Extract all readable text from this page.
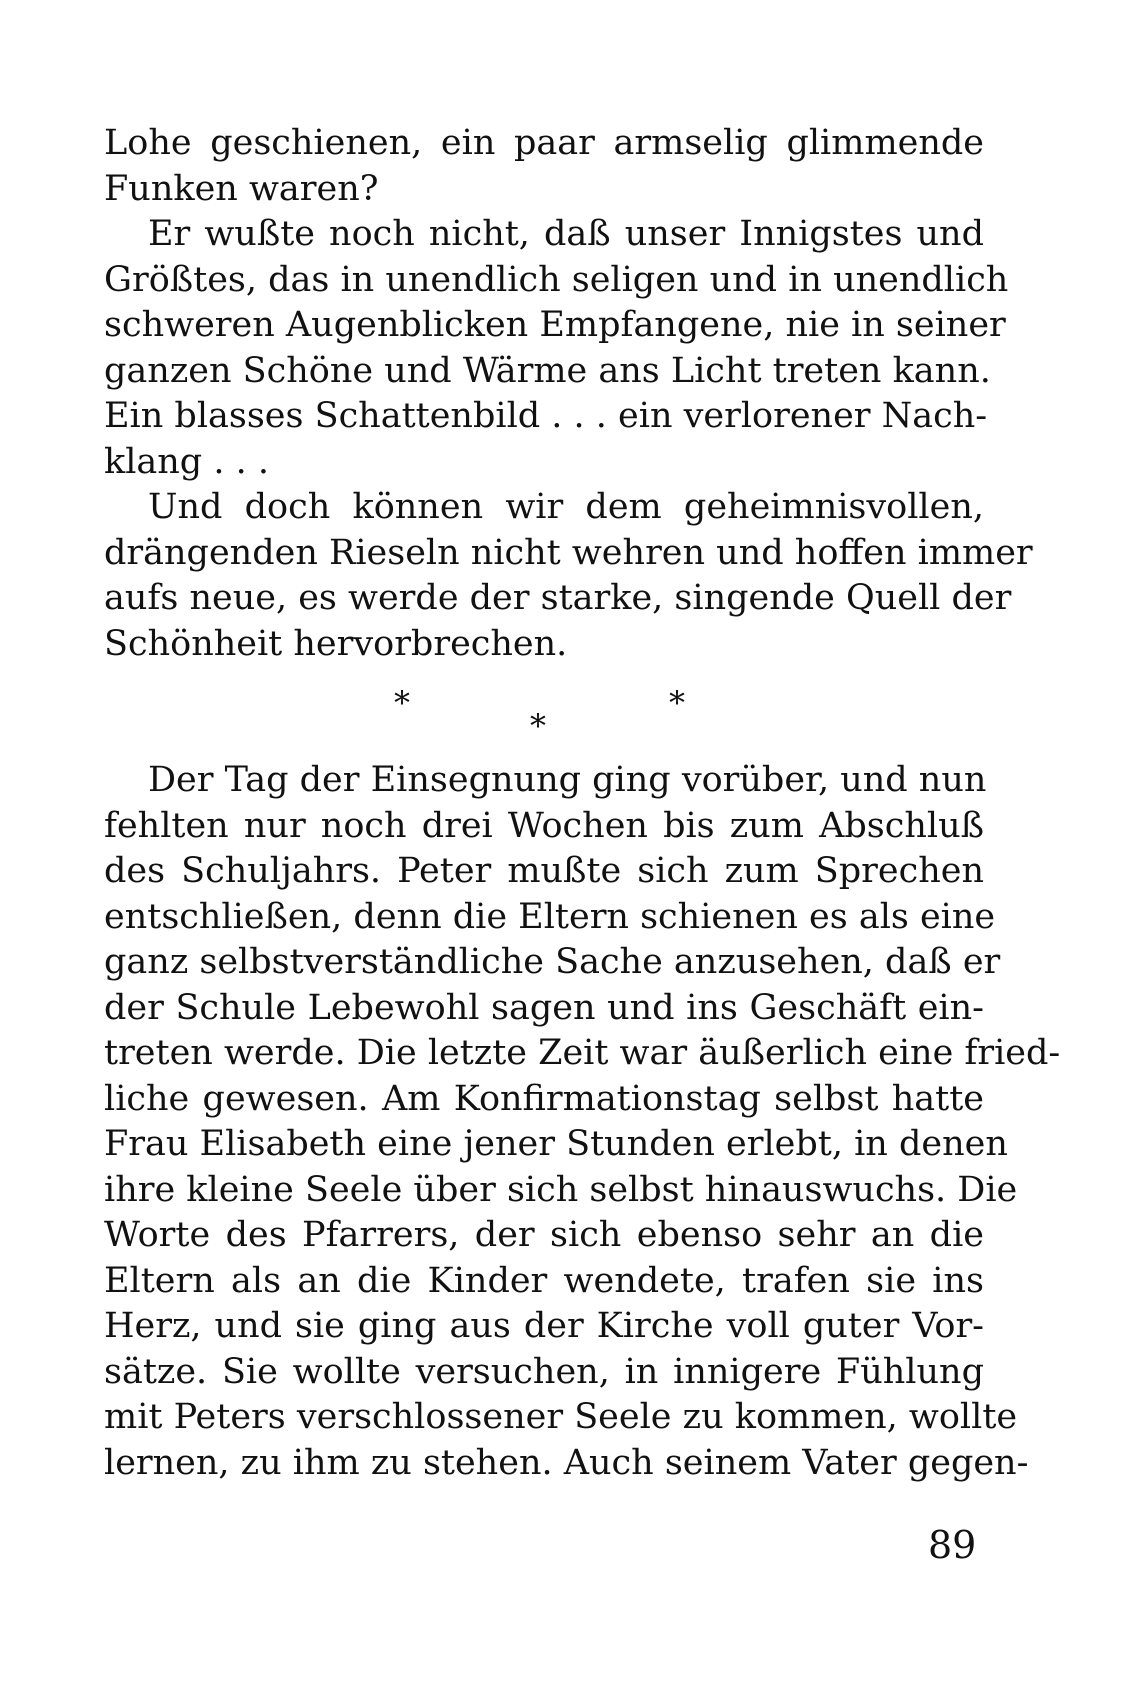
Lohe geschienen, ein paar armselig glimmende
Funken waren?
Er wußte noch nicht, daß unser Innigstes und
Größtes, das in unendlich seligen und in unendlich
schweren Augenblicken Empfangene, nie in seiner
ganzen Schöne und Wärme ans Licht treten kann.
Ein blasses Schattenbild . . . ein verlorener Nach-
klang . . .
Und doch können wir dem geheimnisvollen,
drängenden Rieseln nicht wehren und hoffen immer
aufs neue, es werde der starke, singende Quell der
Schönheit hervorbrechen.
*
*
*
Der Tag der Einsegnung ging vorüber, und nun
fehlten nur noch drei Wochen bis zum Abschluß
des Schuljahrs. Peter mußte sich zum Sprechen
entschließen, denn die Eltern schienen es als eine
ganz selbstverständliche Sache anzusehen, daß er
der Schule Lebewohl sagen und ins Geschäft ein-
treten werde. Die letzte Zeit war äußerlich eine fried-
liche gewesen. Am Konfirmationstag selbst hatte
Frau Elisabeth eine jener Stunden erlebt, in denen
ihre kleine Seele über sich selbst hinauswuchs. Die
Worte des Pfarrers, der sich ebenso sehr an die
Eltern als an die Kinder wendete, trafen sie ins
Herz, und sie ging aus der Kirche voll guter Vor-
sätze. Sie wollte versuchen, in innigere Fühlung
mit Peters verschlossener Seele zu kommen, wollte
lernen, zu ihm zu stehen. Auch seinem Vater gegen-
89
